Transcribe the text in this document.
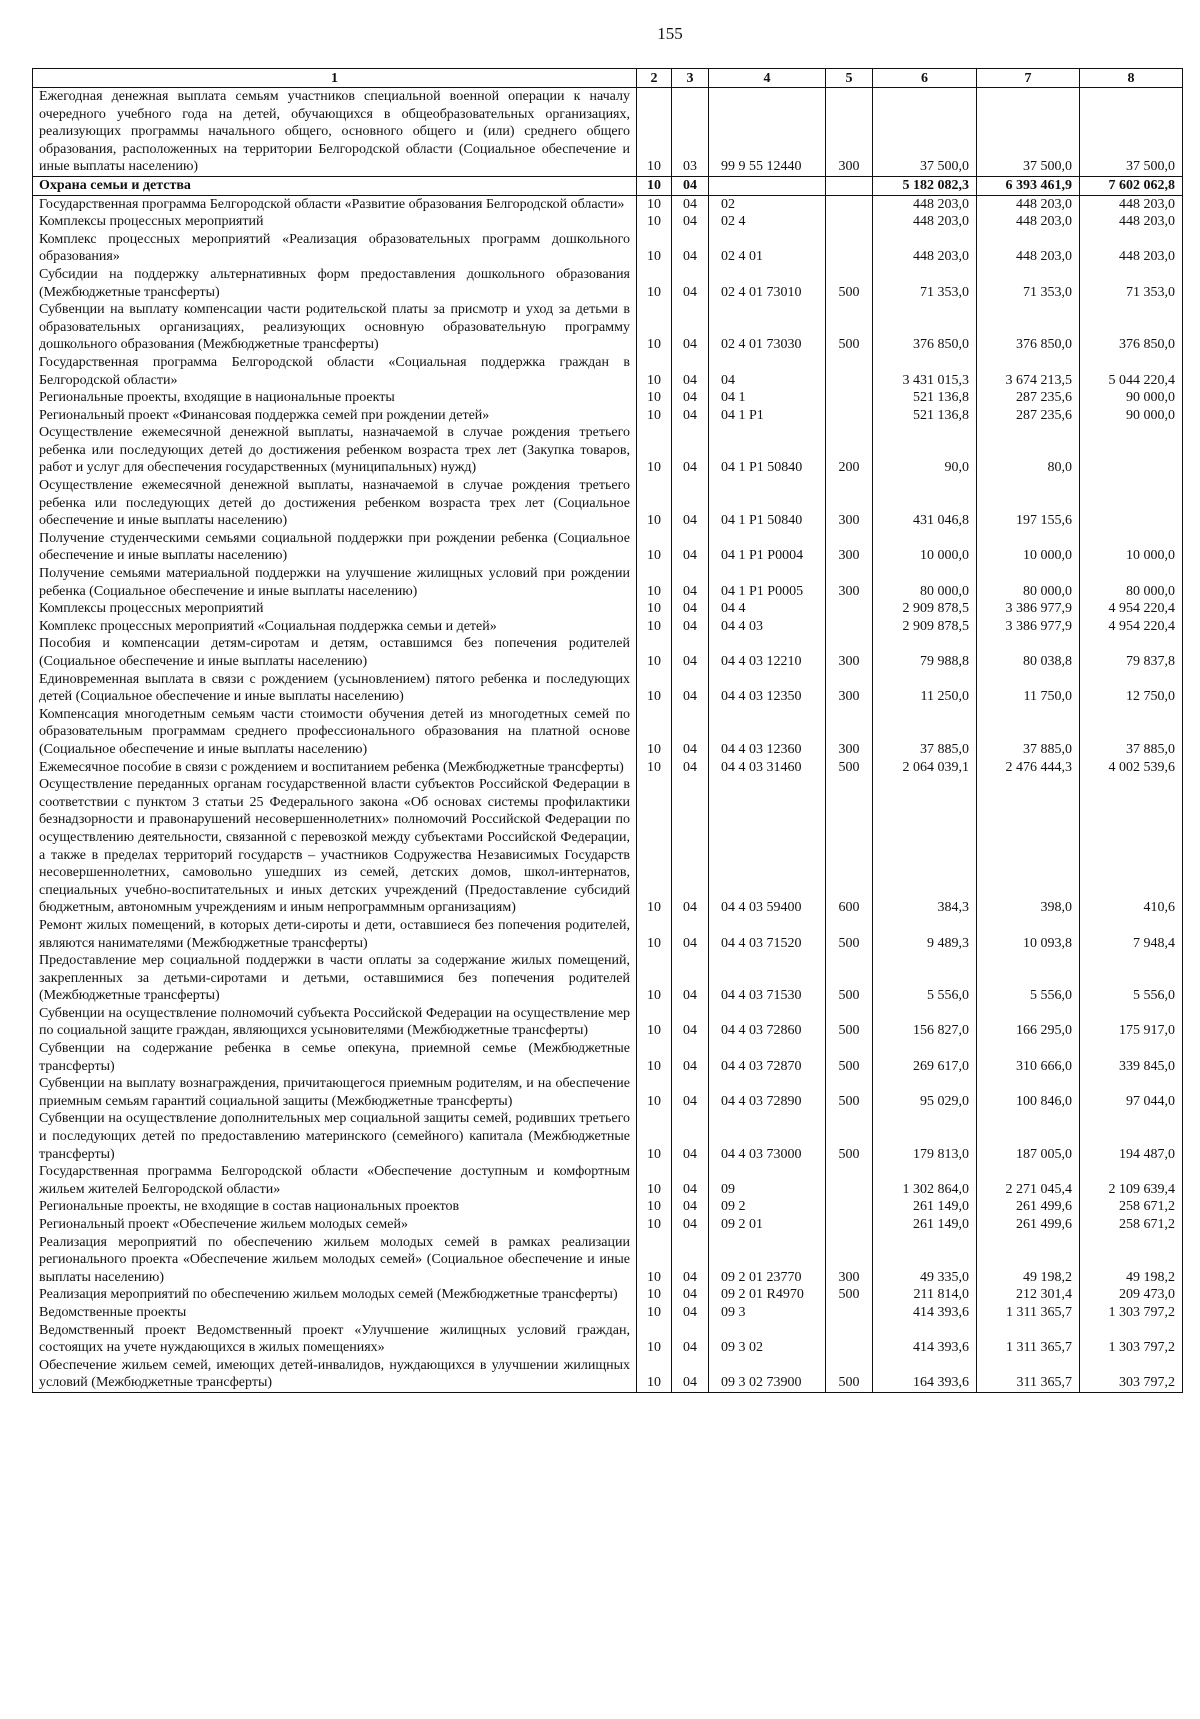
155
1	2	3	4	5	6	7	8
Ежегодная денежная выплата семьям участников специальной военной операции к началу очередного учебного года на детей, обучающихся в общеобразовательных организациях, реализующих программы начального общего, основного общего и (или) среднего общего образования, расположенных на территории Белгородской области (Социальное обеспечение и иные выплаты населению)	10	03	99 9 55 12440	300	37 500,0	37 500,0	37 500,0
Охрана семьи и детства	10	04			5 182 082,3	6 393 461,9	7 602 062,8
Государственная программа Белгородской области «Развитие образования Белгородской области»	10	04	02		448 203,0	448 203,0	448 203,0
Комплексы процессных мероприятий	10	04	02 4		448 203,0	448 203,0	448 203,0
Комплекс процессных мероприятий «Реализация образовательных программ дошкольного образования»	10	04	02 4 01		448 203,0	448 203,0	448 203,0
Субсидии на поддержку альтернативных форм предоставления дошкольного образования (Межбюджетные трансферты)	10	04	02 4 01 73010	500	71 353,0	71 353,0	71 353,0
Субвенции на выплату компенсации части родительской платы за присмотр и уход за детьми в образовательных организациях, реализующих основную образовательную программу дошкольного образования (Межбюджетные трансферты)	10	04	02 4 01 73030	500	376 850,0	376 850,0	376 850,0
Государственная программа Белгородской области «Социальная поддержка граждан в Белгородской области»	10	04	04		3 431 015,3	3 674 213,5	5 044 220,4
Региональные проекты, входящие в национальные проекты	10	04	04 1		521 136,8	287 235,6	90 000,0
Региональный проект «Финансовая поддержка семей при рождении детей»	10	04	04 1 P1		521 136,8	287 235,6	90 000,0
Осуществление ежемесячной денежной выплаты, назначаемой в случае рождения третьего ребенка или последующих детей до достижения ребенком возраста трех лет (Закупка товаров, работ и услуг для обеспечения государственных (муниципальных) нужд)	10	04	04 1 P1 50840	200	90,0	80,0	
Осуществление ежемесячной денежной выплаты, назначаемой в случае рождения третьего ребенка или последующих детей до достижения ребенком возраста трех лет (Социальное обеспечение и иные выплаты населению)	10	04	04 1 P1 50840	300	431 046,8	197 155,6	
Получение студенческими семьями социальной поддержки при рождении ребенка (Социальное обеспечение и иные выплаты населению)	10	04	04 1 P1 P0004	300	10 000,0	10 000,0	10 000,0
Получение семьями материальной поддержки на улучшение жилищных условий при рождении ребенка (Социальное обеспечение и иные выплаты населению)	10	04	04 1 P1 P0005	300	80 000,0	80 000,0	80 000,0
Комплексы процессных мероприятий	10	04	04 4		2 909 878,5	3 386 977,9	4 954 220,4
Комплекс процессных мероприятий «Социальная поддержка семьи и детей»	10	04	04 4 03		2 909 878,5	3 386 977,9	4 954 220,4
Пособия и компенсации детям-сиротам и детям, оставшимся без попечения родителей (Социальное обеспечение и иные выплаты населению)	10	04	04 4 03 12210	300	79 988,8	80 038,8	79 837,8
Единовременная выплата в связи с рождением (усыновлением) пятого ребенка и последующих детей (Социальное обеспечение и иные выплаты населению)	10	04	04 4 03 12350	300	11 250,0	11 750,0	12 750,0
Компенсация многодетным семьям части стоимости обучения детей из многодетных семей по образовательным программам среднего профессионального образования на платной основе (Социальное обеспечение и иные выплаты населению)	10	04	04 4 03 12360	300	37 885,0	37 885,0	37 885,0
Ежемесячное пособие в связи с рождением и воспитанием ребенка (Межбюджетные трансферты)	10	04	04 4 03 31460	500	2 064 039,1	2 476 444,3	4 002 539,6
Осуществление переданных органам государственной власти субъектов Российской Федерации в соответствии с пунктом 3 статьи 25 Федерального закона «Об основах системы профилактики безнадзорности и правонарушений несовершеннолетних» полномочий Российской Федерации по осуществлению деятельности, связанной с перевозкой между субъектами Российской Федерации, а также в пределах территорий государств – участников Содружества Независимых Государств несовершеннолетних, самовольно ушедших из семей, детских домов, школ-интернатов, специальных учебно-воспитательных и иных детских учреждений (Предоставление субсидий бюджетным, автономным учреждениям и иным непрограммным организациям)	10	04	04 4 03 59400	600	384,3	398,0	410,6
Ремонт жилых помещений, в которых дети-сироты и дети, оставшиеся без попечения родителей, являются нанимателями (Межбюджетные трансферты)	10	04	04 4 03 71520	500	9 489,3	10 093,8	7 948,4
Предоставление мер социальной поддержки в части оплаты за содержание жилых помещений, закрепленных за детьми-сиротами и детьми, оставшимися без попечения родителей (Межбюджетные трансферты)	10	04	04 4 03 71530	500	5 556,0	5 556,0	5 556,0
Субвенции на осуществление полномочий субъекта Российской Федерации на осуществление мер по социальной защите граждан, являющихся усыновителями (Межбюджетные трансферты)	10	04	04 4 03 72860	500	156 827,0	166 295,0	175 917,0
Субвенции на содержание ребенка в семье опекуна, приемной семье (Межбюджетные трансферты)	10	04	04 4 03 72870	500	269 617,0	310 666,0	339 845,0
Субвенции на выплату вознаграждения, причитающегося приемным родителям, и на обеспечение приемным семьям гарантий социальной защиты (Межбюджетные трансферты)	10	04	04 4 03 72890	500	95 029,0	100 846,0	97 044,0
Субвенции на осуществление дополнительных мер социальной защиты семей, родивших третьего и последующих детей по предоставлению материнского (семейного) капитала (Межбюджетные трансферты)	10	04	04 4 03 73000	500	179 813,0	187 005,0	194 487,0
Государственная программа Белгородской области «Обеспечение доступным и комфортным жильем жителей Белгородской области»	10	04	09		1 302 864,0	2 271 045,4	2 109 639,4
Региональные проекты, не входящие в состав национальных проектов	10	04	09 2		261 149,0	261 499,6	258 671,2
Региональный проект «Обеспечение жильем молодых семей»	10	04	09 2 01		261 149,0	261 499,6	258 671,2
Реализация мероприятий по обеспечению жильем молодых семей в рамках реализации регионального проекта «Обеспечение жильем молодых семей» (Социальное обеспечение и иные выплаты населению)	10	04	09 2 01 23770	300	49 335,0	49 198,2	49 198,2
Реализация мероприятий по обеспечению жильем молодых семей (Межбюджетные трансферты)	10	04	09 2 01 R4970	500	211 814,0	212 301,4	209 473,0
Ведомственные проекты	10	04	09 3		414 393,6	1 311 365,7	1 303 797,2
Ведомственный проект Ведомственный проект «Улучшение жилищных условий граждан, состоящих на учете нуждающихся в жилых помещениях»	10	04	09 3 02		414 393,6	1 311 365,7	1 303 797,2
Обеспечение жильем семей, имеющих детей-инвалидов, нуждающихся в улучшении жилищных условий (Межбюджетные трансферты)	10	04	09 3 02 73900	500	164 393,6	311 365,7	303 797,2
